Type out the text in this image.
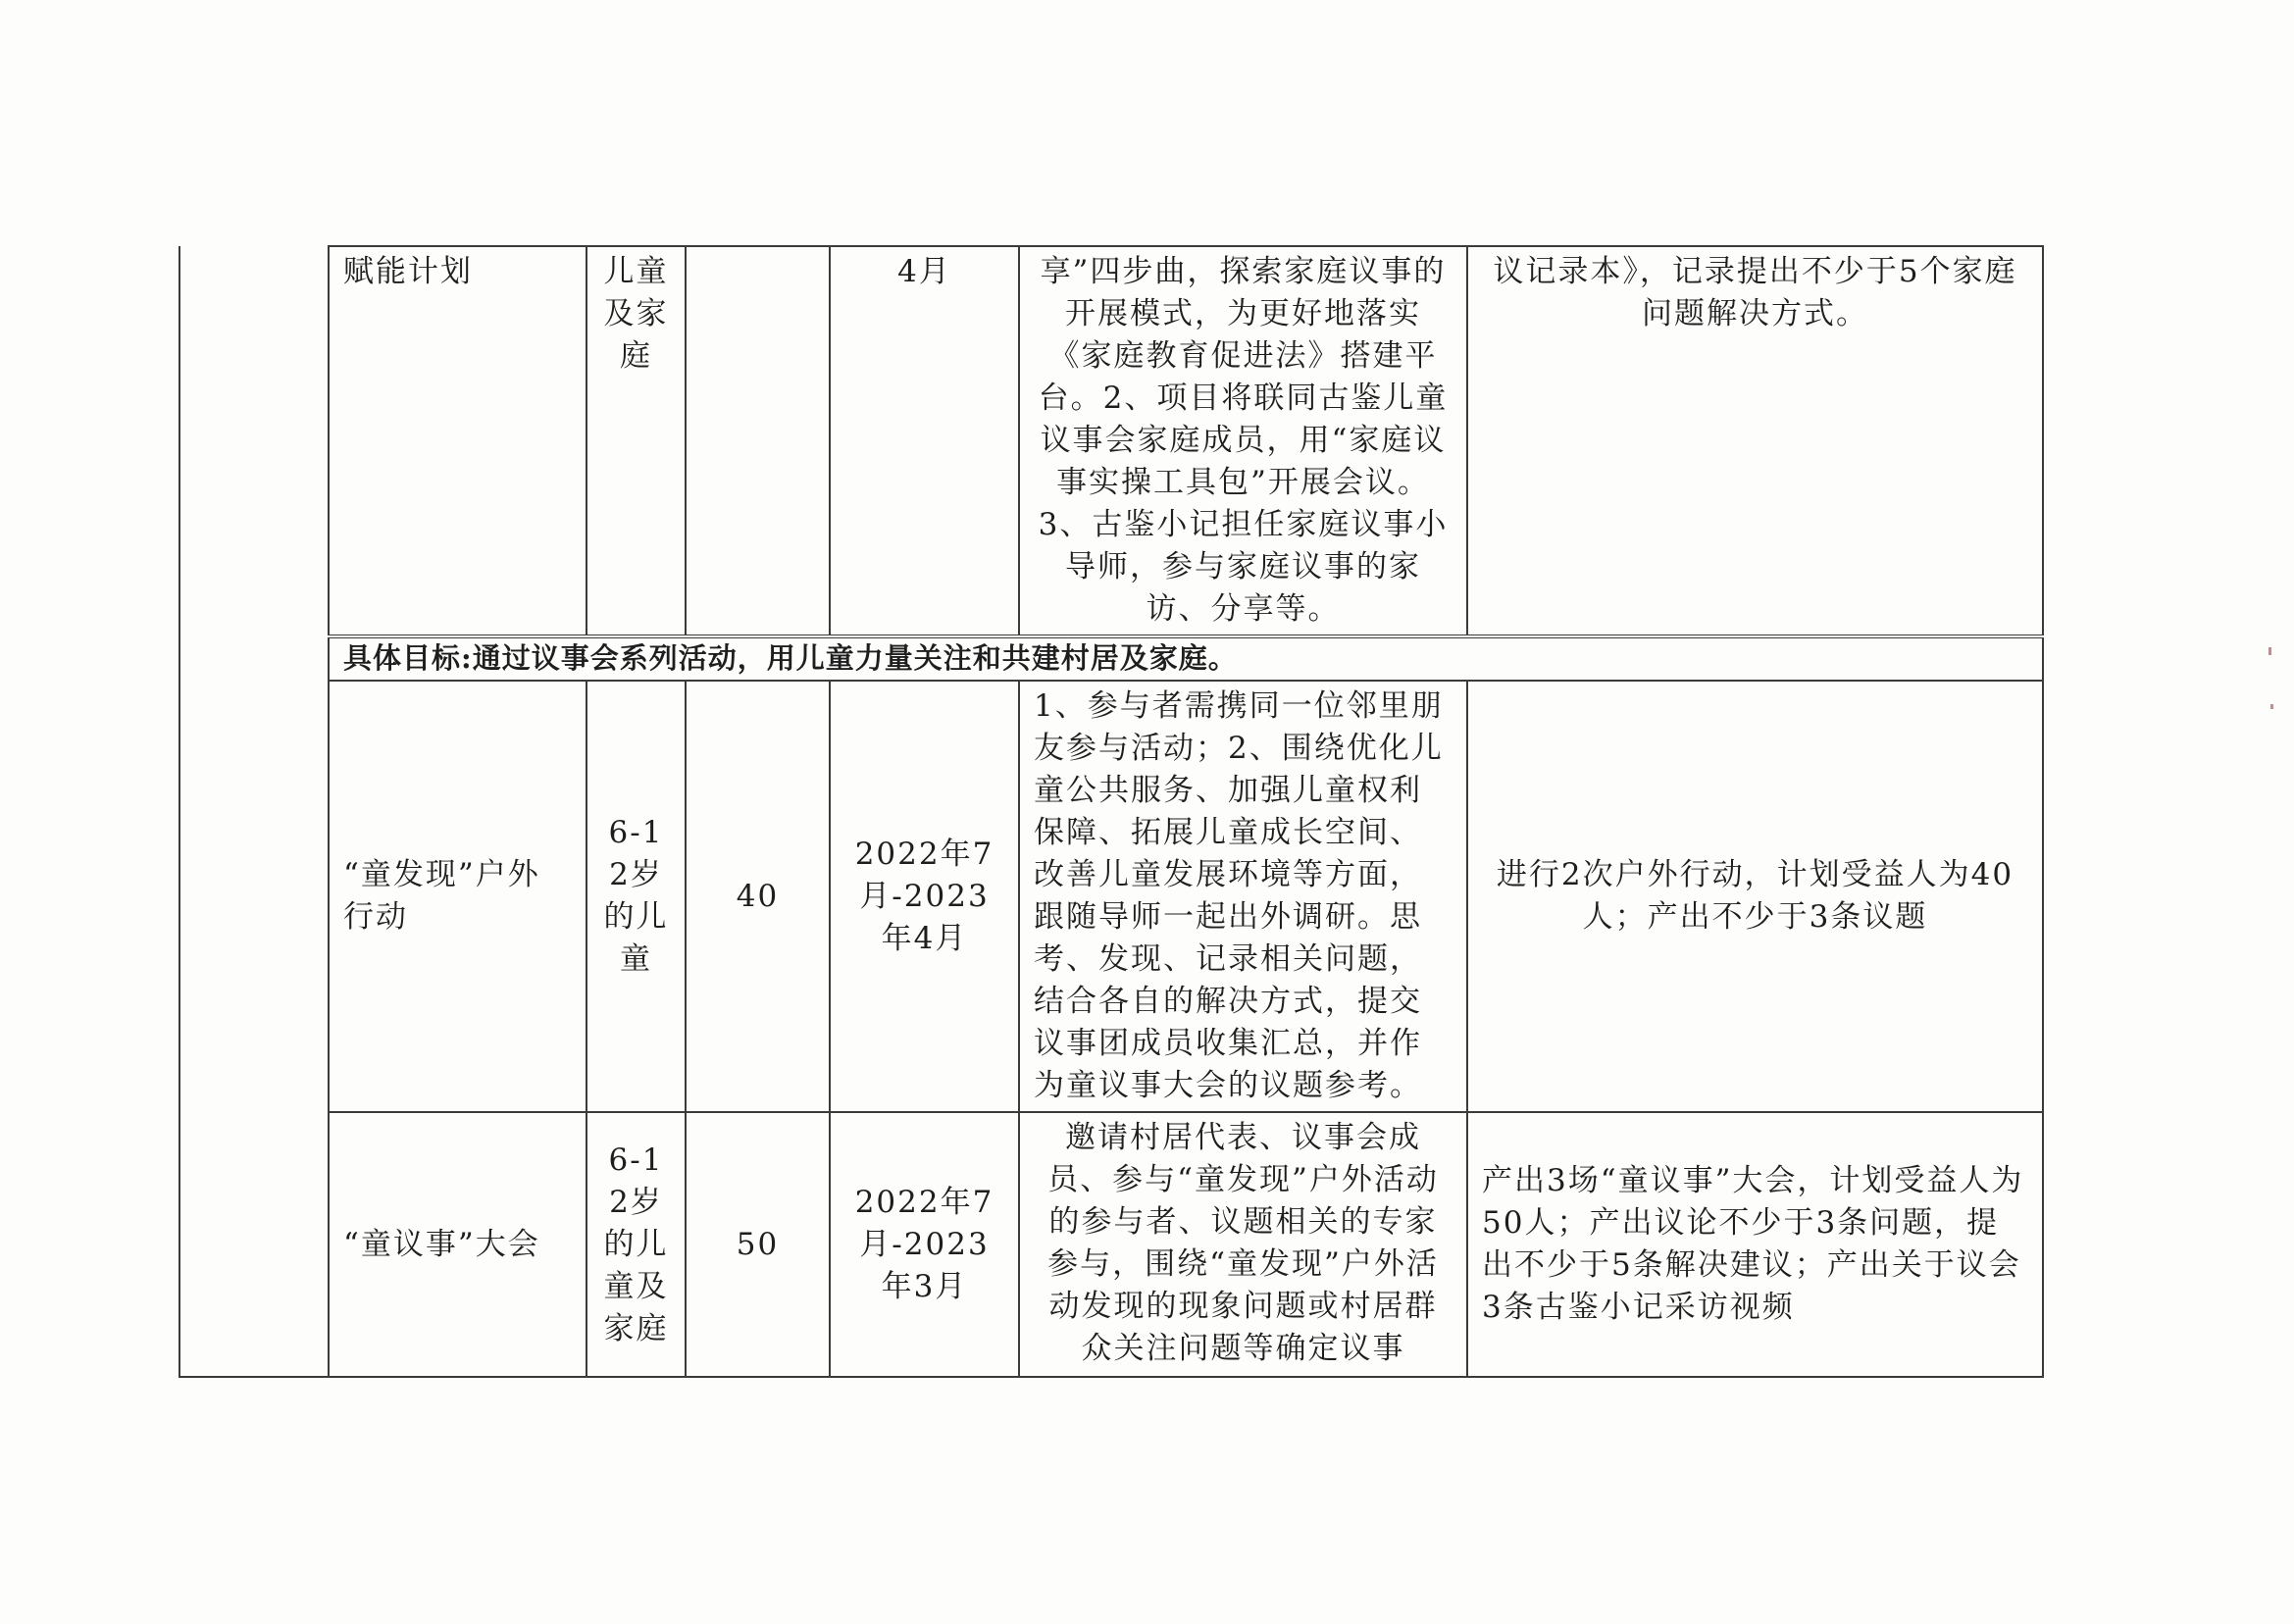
	赋能计划	儿童及家庭		4月	享”四步曲，探索家庭议事的开展模式，为更好地落实《家庭教育促进法》搭建平台。2、项目将联同古鉴儿童议事会家庭成员，用“家庭议事实操工具包”开展会议。3、古鉴小记担任家庭议事小导师，参与家庭议事的家访、分享等。	议记录本》，记录提出不少于5个家庭问题解决方式。
	具体目标:通过议事会系列活动，用儿童力量关注和共建村居及家庭。					
	“童发现”户外行动	6-12岁的儿童	40	2022年7月-2023年4月	1、参与者需携同一位邻里朋友参与活动；2、围绕优化儿童公共服务、加强儿童权利保障、拓展儿童成长空间、改善儿童发展环境等方面，跟随导师一起出外调研。思考、发现、记录相关问题，结合各自的解决方式，提交议事团成员收集汇总，并作为童议事大会的议题参考。	进行2次户外行动，计划受益人为40人；产出不少于3条议题
	“童议事”大会	6-12岁的儿童及家庭	50	2022年7月-2023年3月	邀请村居代表、议事会成员、参与“童发现”户外活动的参与者、议题相关的专家参与，围绕“童发现”户外活动发现的现象问题或村居群众关注问题等确定议事	产出3场“童议事”大会，计划受益人为50人；产出议论不少于3条问题，提出不少于5条解决建议；产出关于议会3条古鉴小记采访视频
